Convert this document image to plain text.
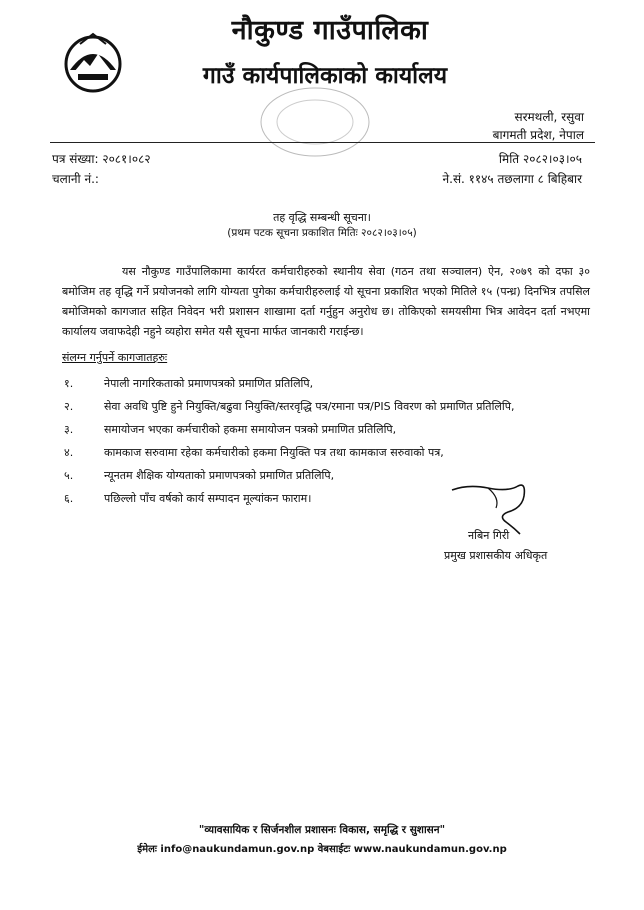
नौकुण्ड गाउँपालिका
गाउँ कार्यपालिकाको कार्यालय
सरमथली, रसुवा
बागमती प्रदेश, नेपाल
पत्र संख्या: २०८१।०८२
चलानी नं.:
मिति २०८२।०३।०५
ने.सं. ११४५ तछलागा ८ बिहिबार
तह वृद्धि सम्बन्धी सूचना।
(प्रथम पटक सूचना प्रकाशित मितिः २०८२।०३।०५)
यस नौकुण्ड गाउँपालिकामा कार्यरत कर्मचारीहरुको स्थानीय सेवा (गठन तथा सञ्चालन) ऐन, २०७९ को दफा ३० बमोजिम तह वृद्धि गर्ने प्रयोजनको लागि योग्यता पुगेका कर्मचारीहरुलाई यो सूचना प्रकाशित भएको मितिले १५ (पन्ध्र) दिनभित्र तपसिल बमोजिमको कागजात सहित निवेदन भरी प्रशासन शाखामा दर्ता गर्नुहुन अनुरोध छ। तोकिएको समयसीमा भित्र आवेदन दर्ता नभएमा कार्यालय जवाफदेही नहुने व्यहोरा समेत यसै सूचना मार्फत जानकारी गराईन्छ।
संलग्न गर्नुपर्ने कागजातहरुः
१.	नेपाली नागरिकताको प्रमाणपत्रको प्रमाणित प्रतिलिपि,
२.	सेवा अवधि पुष्टि हुने नियुक्ति/बढुवा नियुक्ति/स्तरवृद्धि पत्र/रमाना पत्र/PIS विवरण को प्रमाणित प्रतिलिपि,
३.	समायोजन भएका कर्मचारीको हकमा समायोजन पत्रको प्रमाणित प्रतिलिपि,
४.	कामकाज सरुवामा रहेका कर्मचारीको हकमा नियुक्ति पत्र तथा कामकाज सरुवाको पत्र,
५.	न्यूनतम शैक्षिक योग्यताको प्रमाणपत्रको प्रमाणित प्रतिलिपि,
६.	पछिल्लो पाँच वर्षको कार्य सम्पादन मूल्यांकन फाराम।
नबिन गिरी
प्रमुख प्रशासकीय अधिकृत
"व्यावसायिक र सिर्जनशील प्रशासनः विकास, समृद्धि र सुशासन"
ईमेलः info@naukundamun.gov.np वेबसाईटः www.naukundamun.gov.np
